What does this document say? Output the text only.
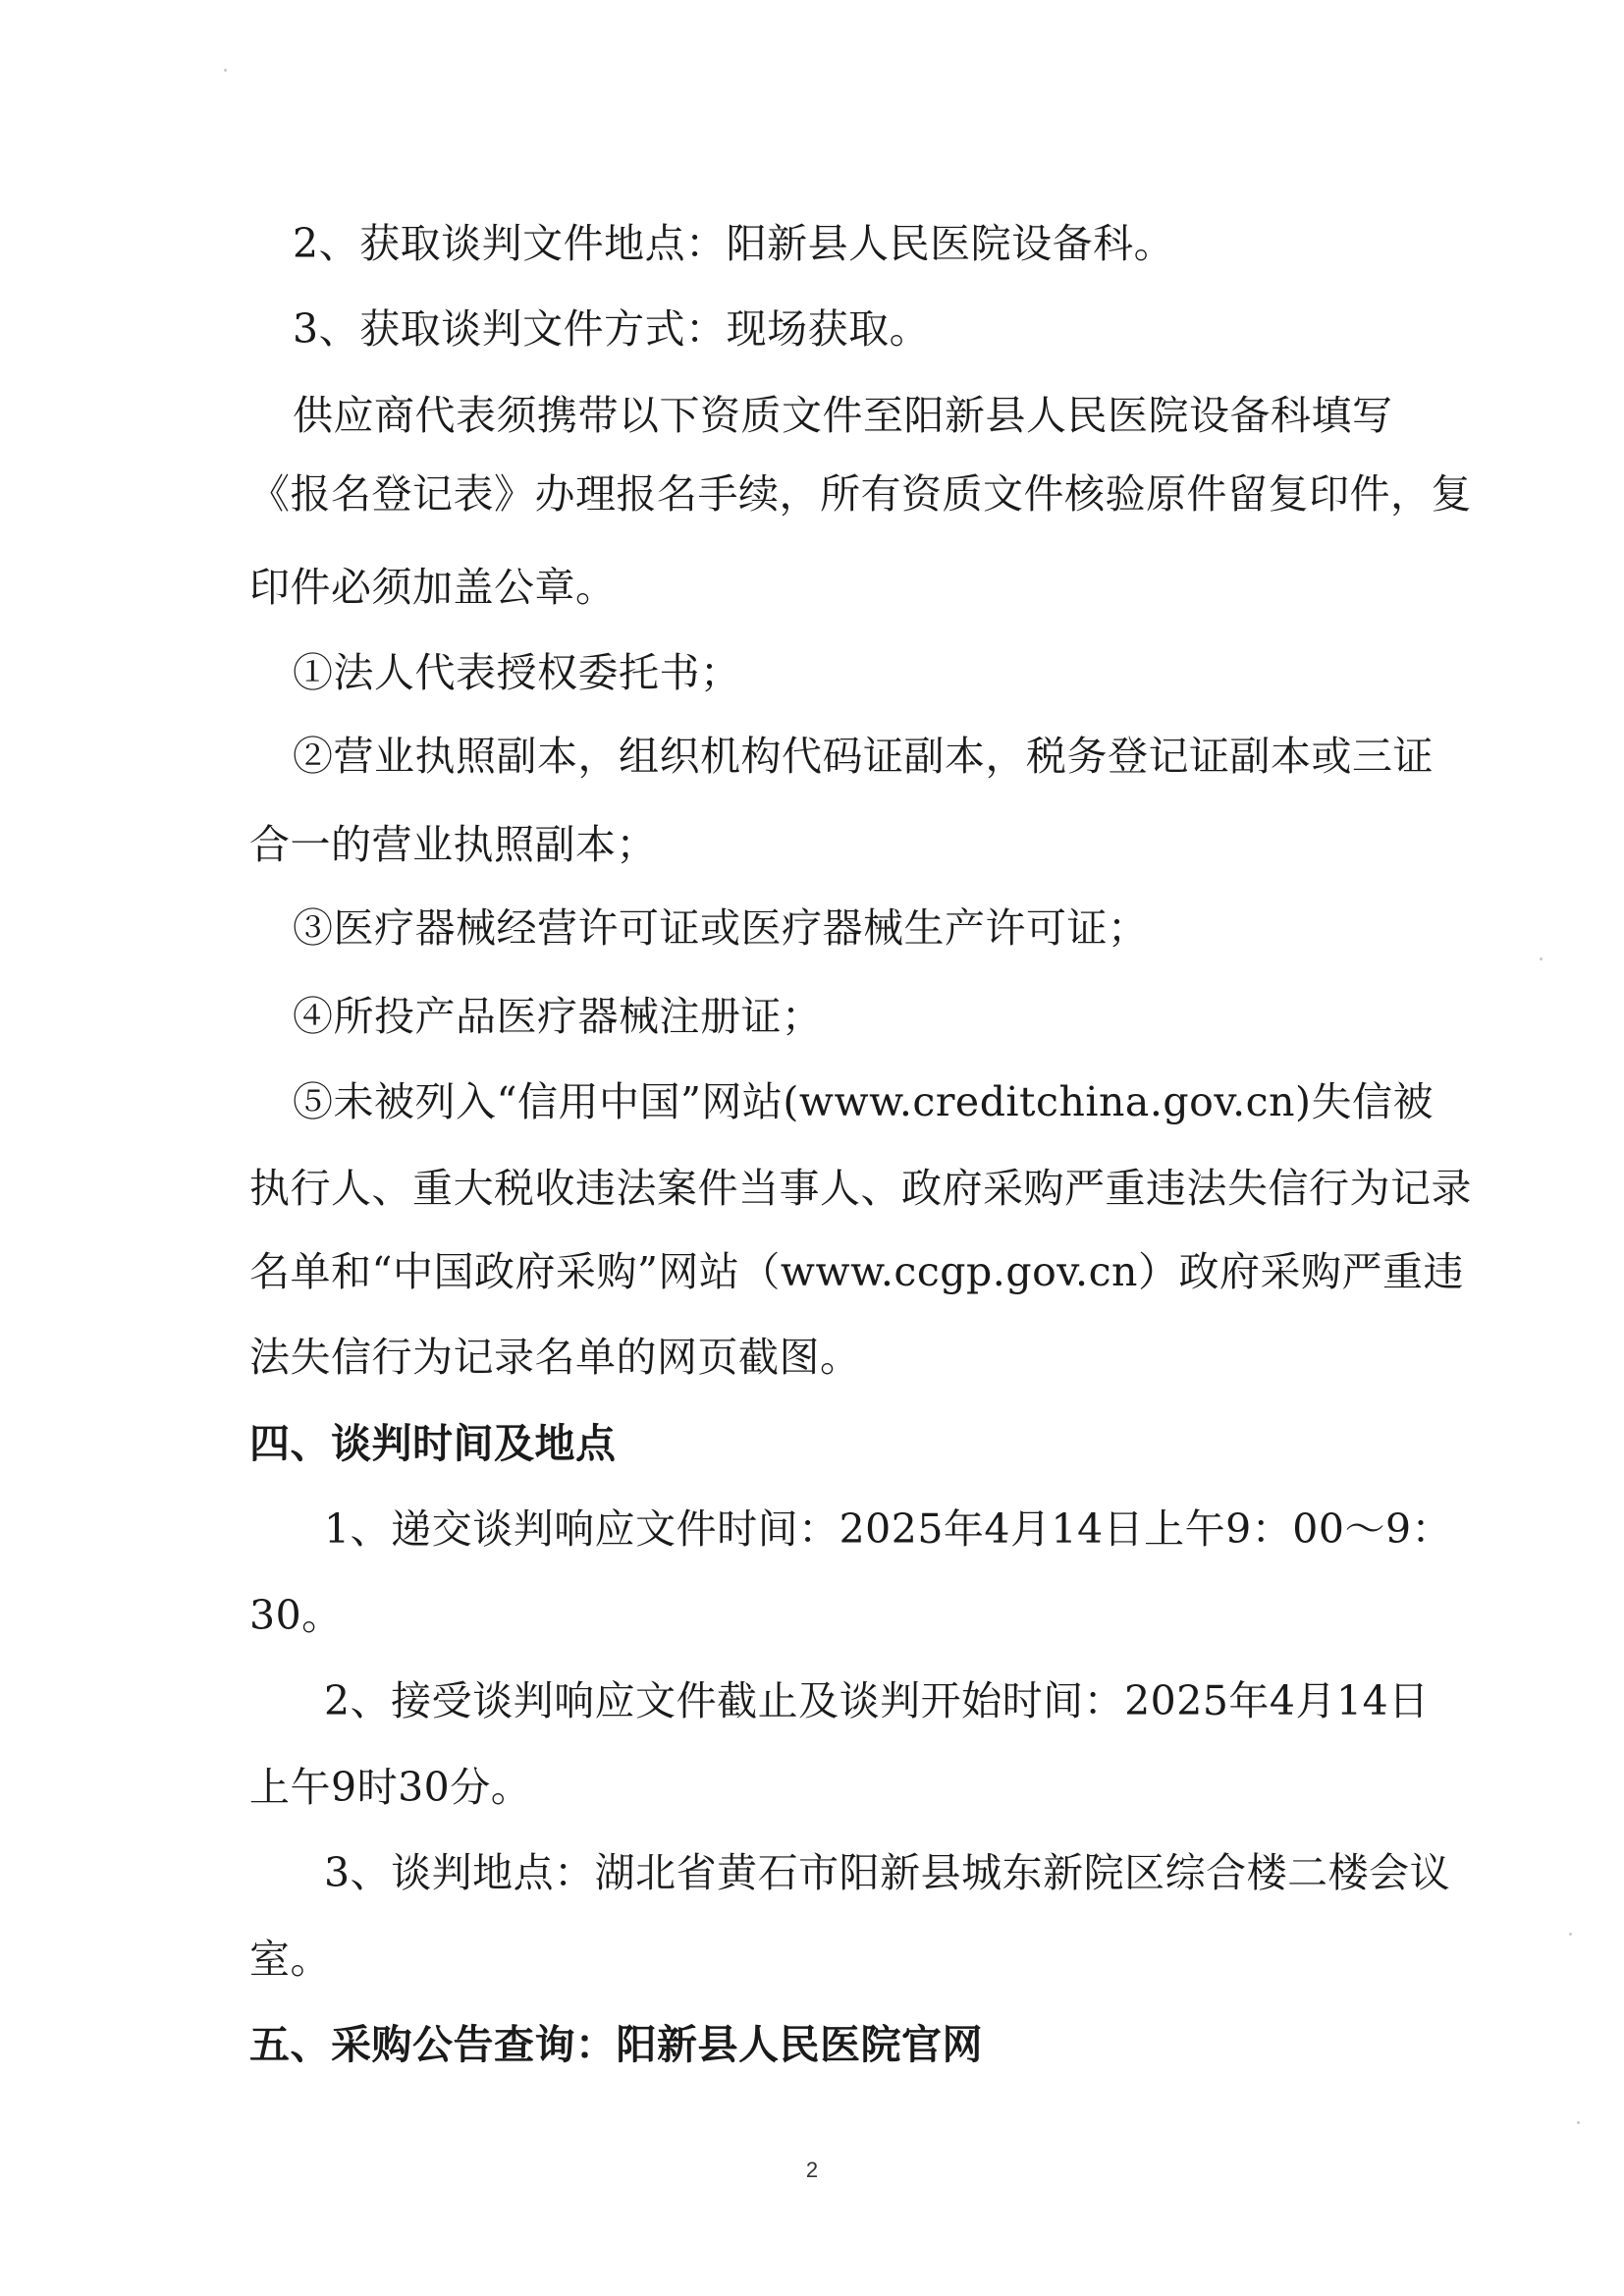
2、获取谈判文件地点：阳新县人民医院设备科。
3、获取谈判文件方式：现场获取。
供应商代表须携带以下资质文件至阳新县人民医院设备科填写
《报名登记表》办理报名手续，所有资质文件核验原件留复印件，复
印件必须加盖公章。
①法人代表授权委托书；
②营业执照副本，组织机构代码证副本，税务登记证副本或三证
合一的营业执照副本；
③医疗器械经营许可证或医疗器械生产许可证；
④所投产品医疗器械注册证；
⑤未被列入“信用中国”网站(www.creditchina.gov.cn)失信被
执行人、重大税收违法案件当事人、政府采购严重违法失信行为记录
名单和“中国政府采购”网站（www.ccgp.gov.cn）政府采购严重违
法失信行为记录名单的网页截图。
四、谈判时间及地点
1、递交谈判响应文件时间：2025年4月14日上午9：00～9：
30。
2、接受谈判响应文件截止及谈判开始时间：2025年4月14日
上午9时30分。
3、谈判地点：湖北省黄石市阳新县城东新院区综合楼二楼会议
室。
五、采购公告查询：阳新县人民医院官网
2
